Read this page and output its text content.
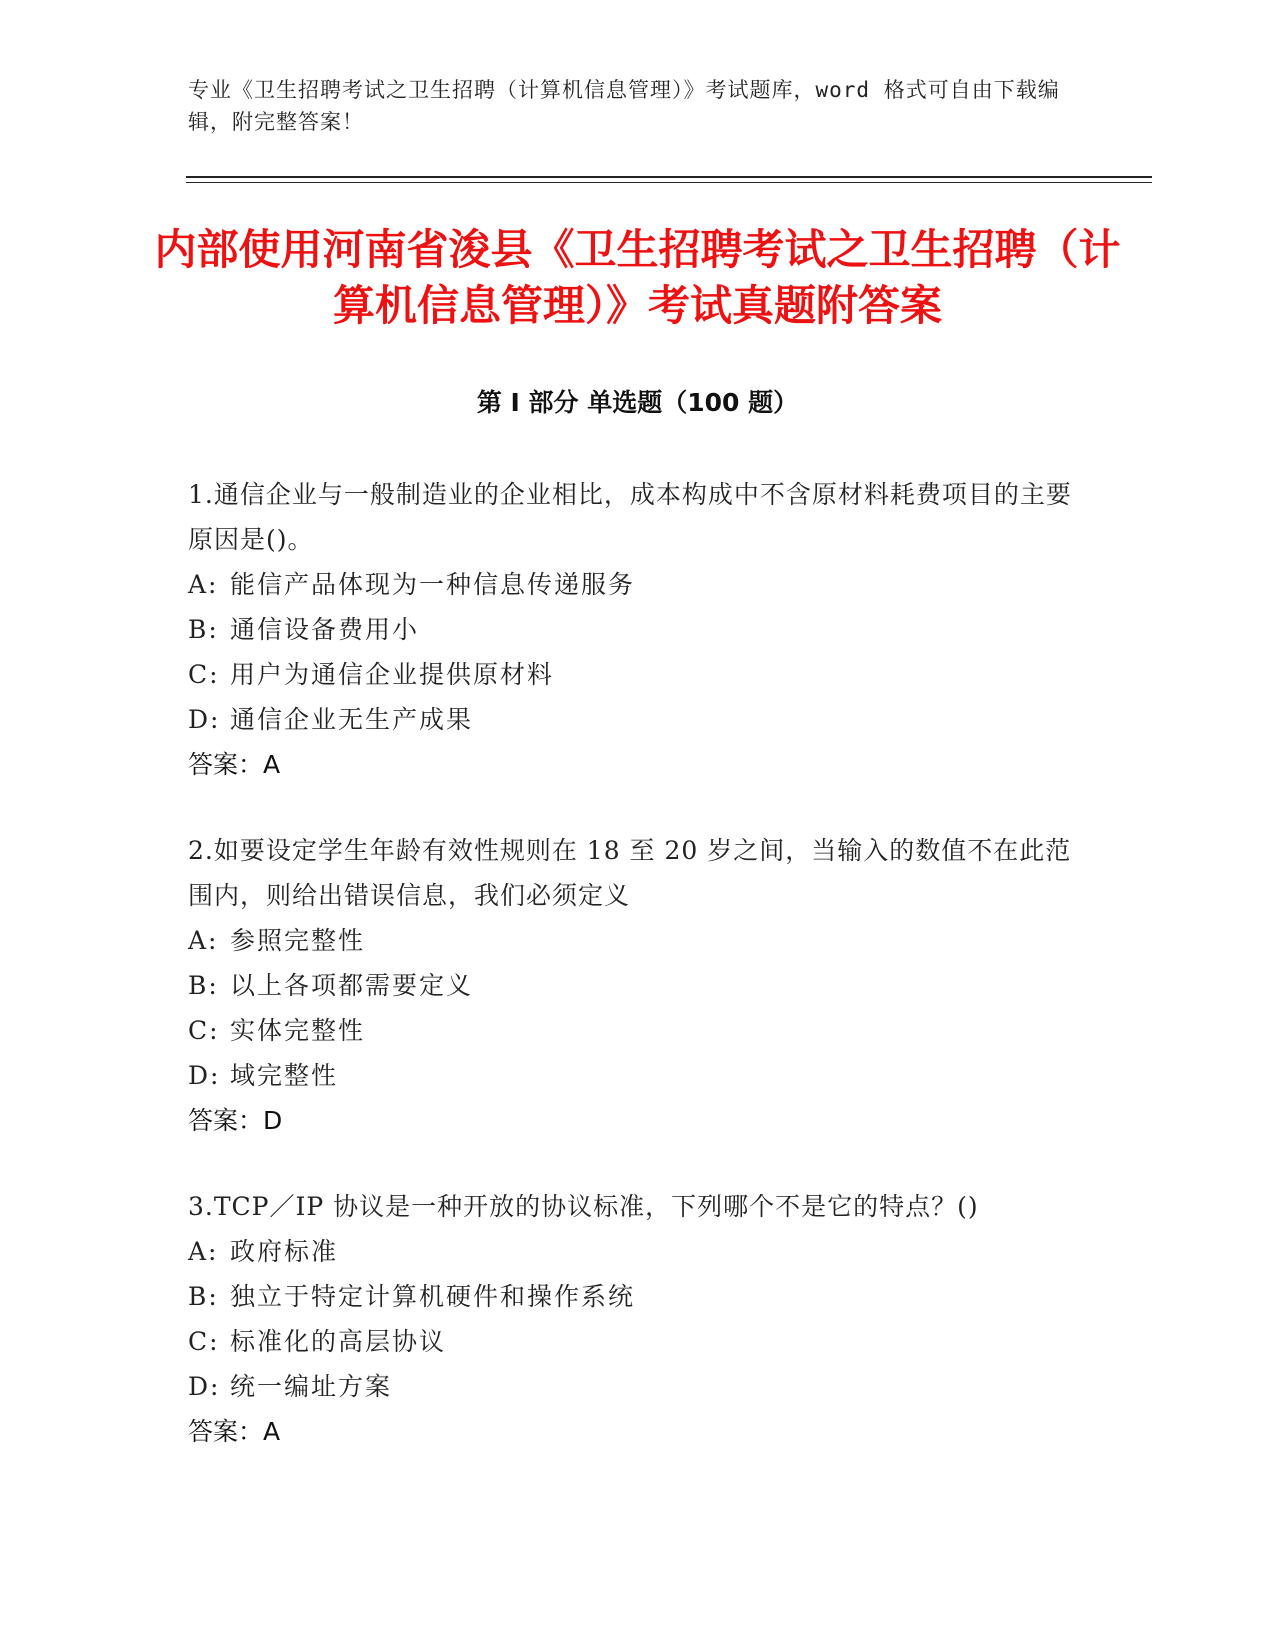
专业《卫生招聘考试之卫生招聘（计算机信息管理）》考试题库，word 格式可自由下载编辑，附完整答案！
内部使用河南省浚县《卫生招聘考试之卫生招聘（计算机信息管理）》考试真题附答案
第 I 部分 单选题（100 题）
1.通信企业与一般制造业的企业相比，成本构成中不含原材料耗费项目的主要原因是()。
A: 能信产品体现为一种信息传递服务
B: 通信设备费用小
C: 用户为通信企业提供原材料
D: 通信企业无生产成果
答案：A
2.如要设定学生年龄有效性规则在 18 至 20 岁之间，当输入的数值不在此范围内，则给出错误信息，我们必须定义
A: 参照完整性
B: 以上各项都需要定义
C: 实体完整性
D: 域完整性
答案：D
3.TCP／IP 协议是一种开放的协议标准，下列哪个不是它的特点？()
A: 政府标准
B: 独立于特定计算机硬件和操作系统
C: 标准化的高层协议
D: 统一编址方案
答案：A
